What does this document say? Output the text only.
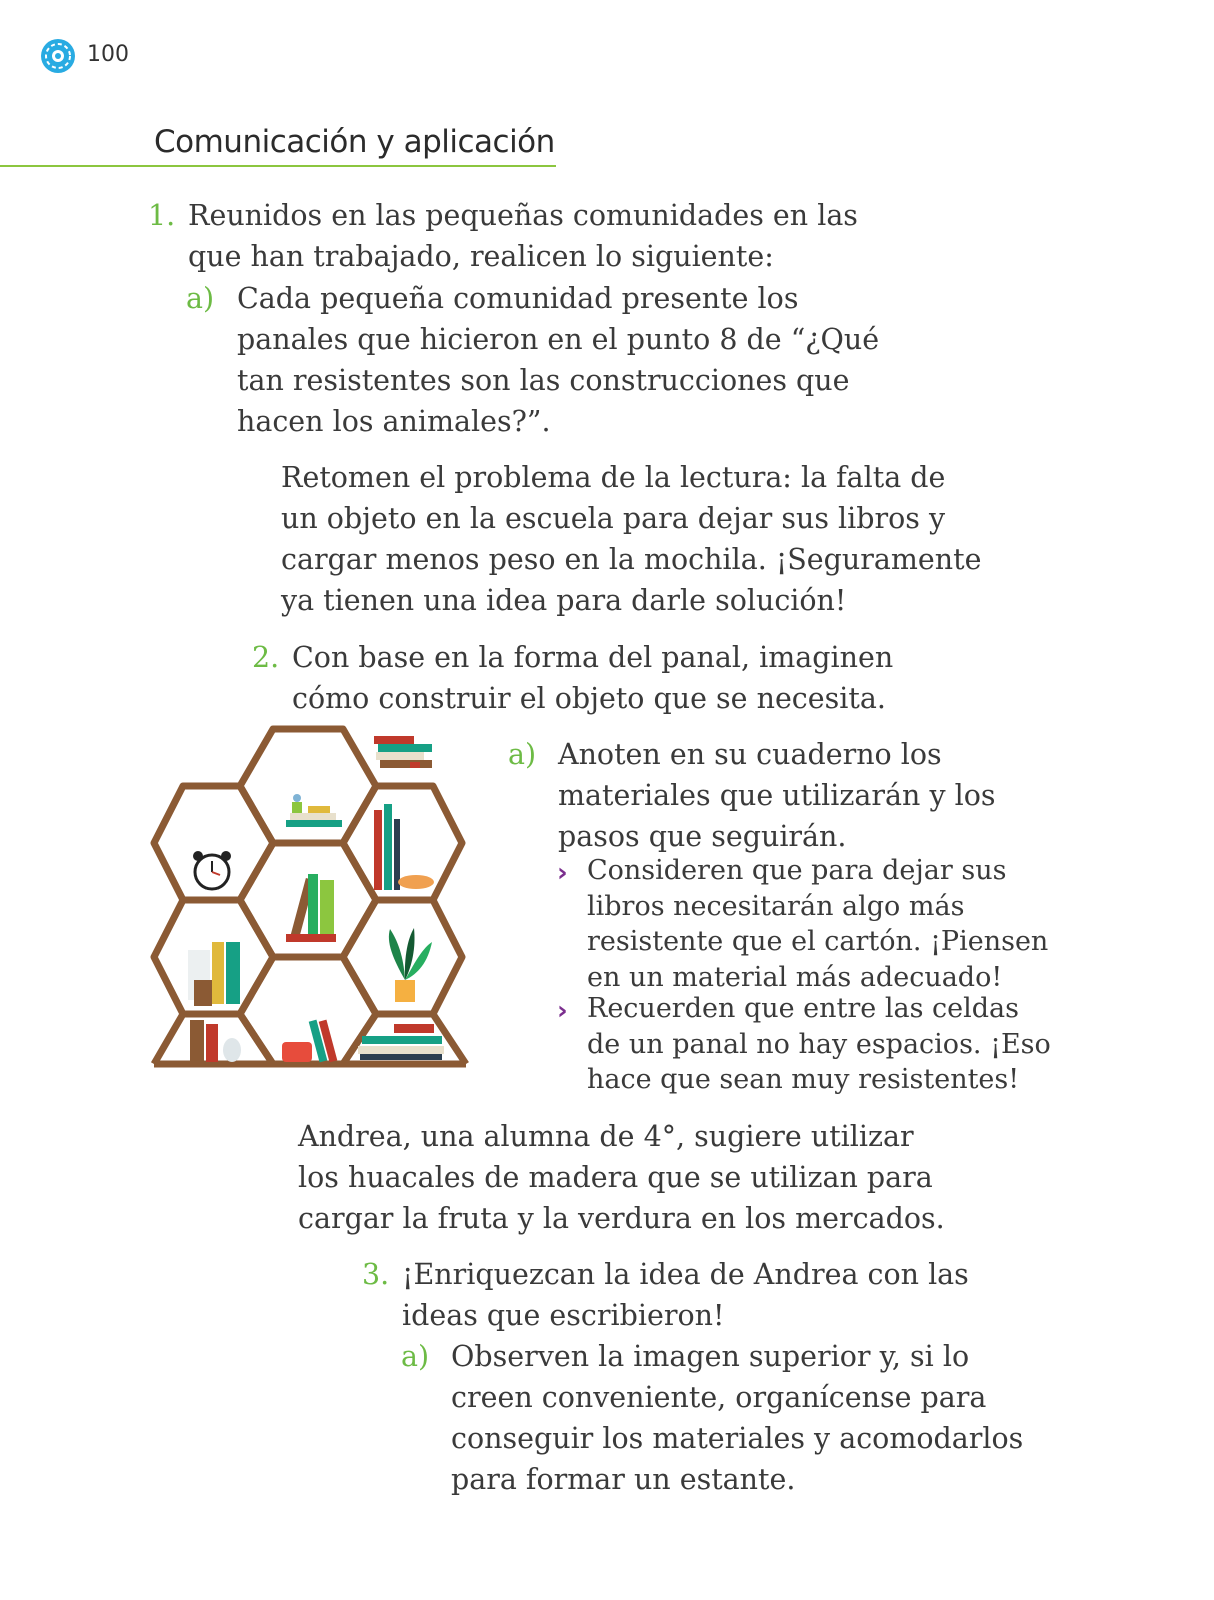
100
Comunicación y aplicación
1. Reunidos en las pequeñas comunidades en las
que han trabajado, realicen lo siguiente:
a) Cada pequeña comunidad presente los
panales que hicieron en el punto 8 de “¿Qué
tan resistentes son las construcciones que
hacen los animales?”.
Retomen el problema de la lectura: la falta de
un objeto en la escuela para dejar sus libros y
cargar menos peso en la mochila. ¡Seguramente
ya tienen una idea para darle solución!
2. Con base en la forma del panal, imaginen
cómo construir el objeto que se necesita.
a) Anoten en su cuaderno los
materiales que utilizarán y los
pasos que seguirán.
› Consideren que para dejar sus
libros necesitarán algo más
resistente que el cartón. ¡Piensen
en un material más adecuado!
› Recuerden que entre las celdas
de un panal no hay espacios. ¡Eso
hace que sean muy resistentes!
Andrea, una alumna de 4°, sugiere utilizar
los huacales de madera que se utilizan para
cargar la fruta y la verdura en los mercados.
3. ¡Enriquezcan la idea de Andrea con las
ideas que escribieron!
a) Observen la imagen superior y, si lo
creen conveniente, organícense para
conseguir los materiales y acomodarlos
para formar un estante.
